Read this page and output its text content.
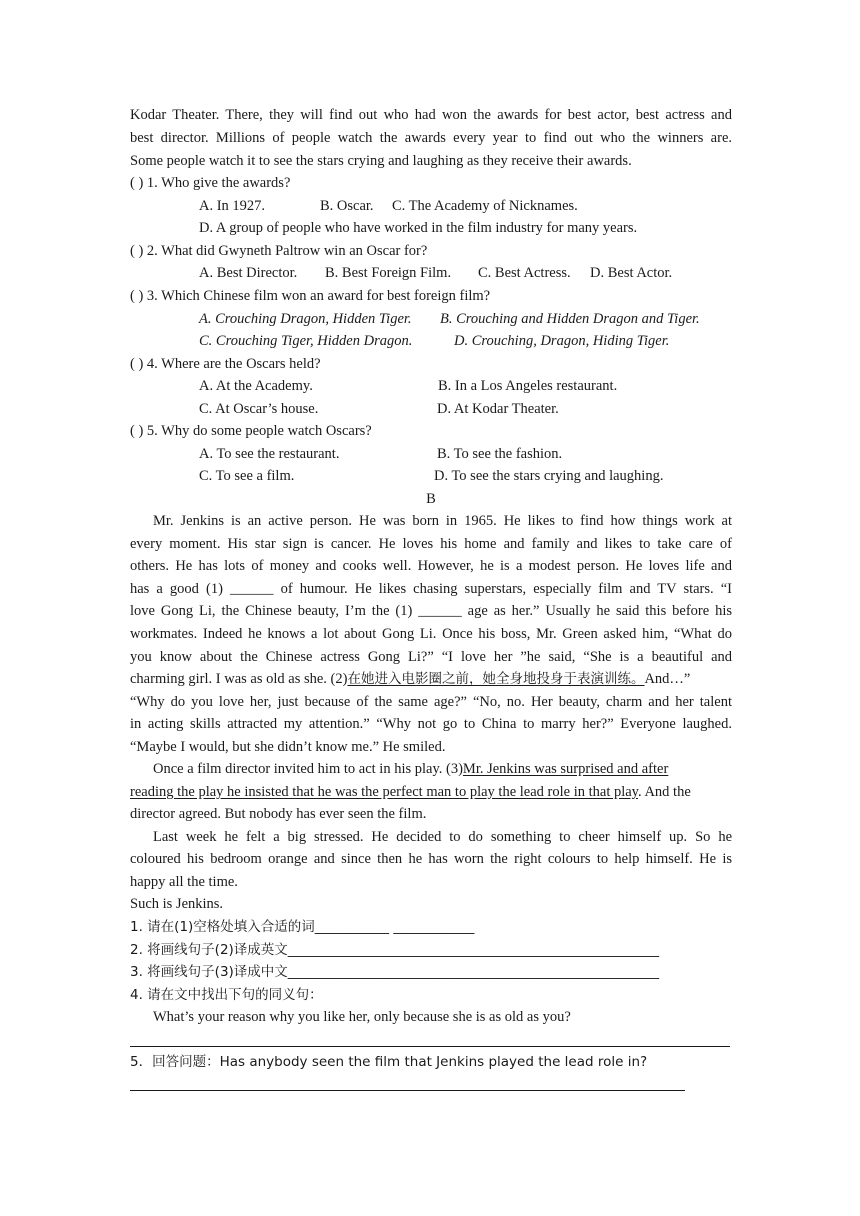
Kodar Theater. There, they will find out who had won the awards for best actor, best actress and
best director. Millions of people watch the awards every year to find out who the winners are.
Some people watch it to see the stars crying and laughing as they receive their awards.
( ) 1. Who give the awards?
A. In 1927.	B. Oscar. C. The Academy of Nicknames.
D. A group of people who have worked in the film industry for many years.
( ) 2. What did Gwyneth Paltrow win an Oscar for?
A. Best Director. B. Best Foreign Film. C. Best Actress. D. Best Actor.
( ) 3. Which Chinese film won an award for best foreign film?
A. Crouching Dragon, Hidden Tiger. B. Crouching and Hidden Dragon and Tiger.
C. Crouching Tiger, Hidden Dragon.	D. Crouching, Dragon, Hiding Tiger.
( ) 4. Where are the Oscars held?
A. At the Academy.	B. In a Los Angeles restaurant.
C. At Oscar’s house.	D. At Kodar Theater.
( ) 5. Why do some people watch Oscars?
A. To see the restaurant.	B. To see the fashion.
C. To see a film.	D. To see the stars crying and laughing.
B
Mr. Jenkins is an active person. He was born in 1965. He likes to find how things work at
every moment. His star sign is cancer. He loves his home and family and likes to take care of
others. He has lots of money and cooks well. However, he is a modest person. He loves life and
has a good (1) ______ of humour. He likes chasing superstars, especially film and TV stars. “I
love Gong Li, the Chinese beauty, I’m the (1) ______ age as her.” Usually he said this before his
workmates. Indeed he knows a lot about Gong Li. Once his boss, Mr. Green asked him, “What do
you know about the Chinese actress Gong Li?” “I love her ”he said, “She is a beautiful and
charming girl. I was as old as she. (2)在她进入电影圈之前，她全身地投身于表演训练。And…”
“Why do you love her, just because of the same age?” “No, no. Her beauty, charm and her talent
in acting skills attracted my attention.” “Why not go to China to marry her?” Everyone laughed.
“Maybe I would, but she didn’t know me.” He smiled.
Once a film director invited him to act in his play. (3)Mr. Jenkins was surprised and after
reading the play he insisted that he was the perfect man to play the lead role in that play. And the
director agreed. But nobody has ever seen the film.
Last week he felt a big stressed. He decided to do something to cheer himself up. So he
coloured his bedroom orange and since then he has worn the right colours to help himself. He is
happy all the time.
Such is Jenkins.
1. 请在(1)空格处填入合适的词___________ ____________
2. 将画线句子(2)译成英文_______________________________________________________
3. 将画线句子(3)译成中文_______________________________________________________
4. 请在文中找出下句的同义句：
What’s your reason why you like her, only because she is as old as you?
5．回答问题：Has anybody seen the film that Jenkins played the lead role in?
